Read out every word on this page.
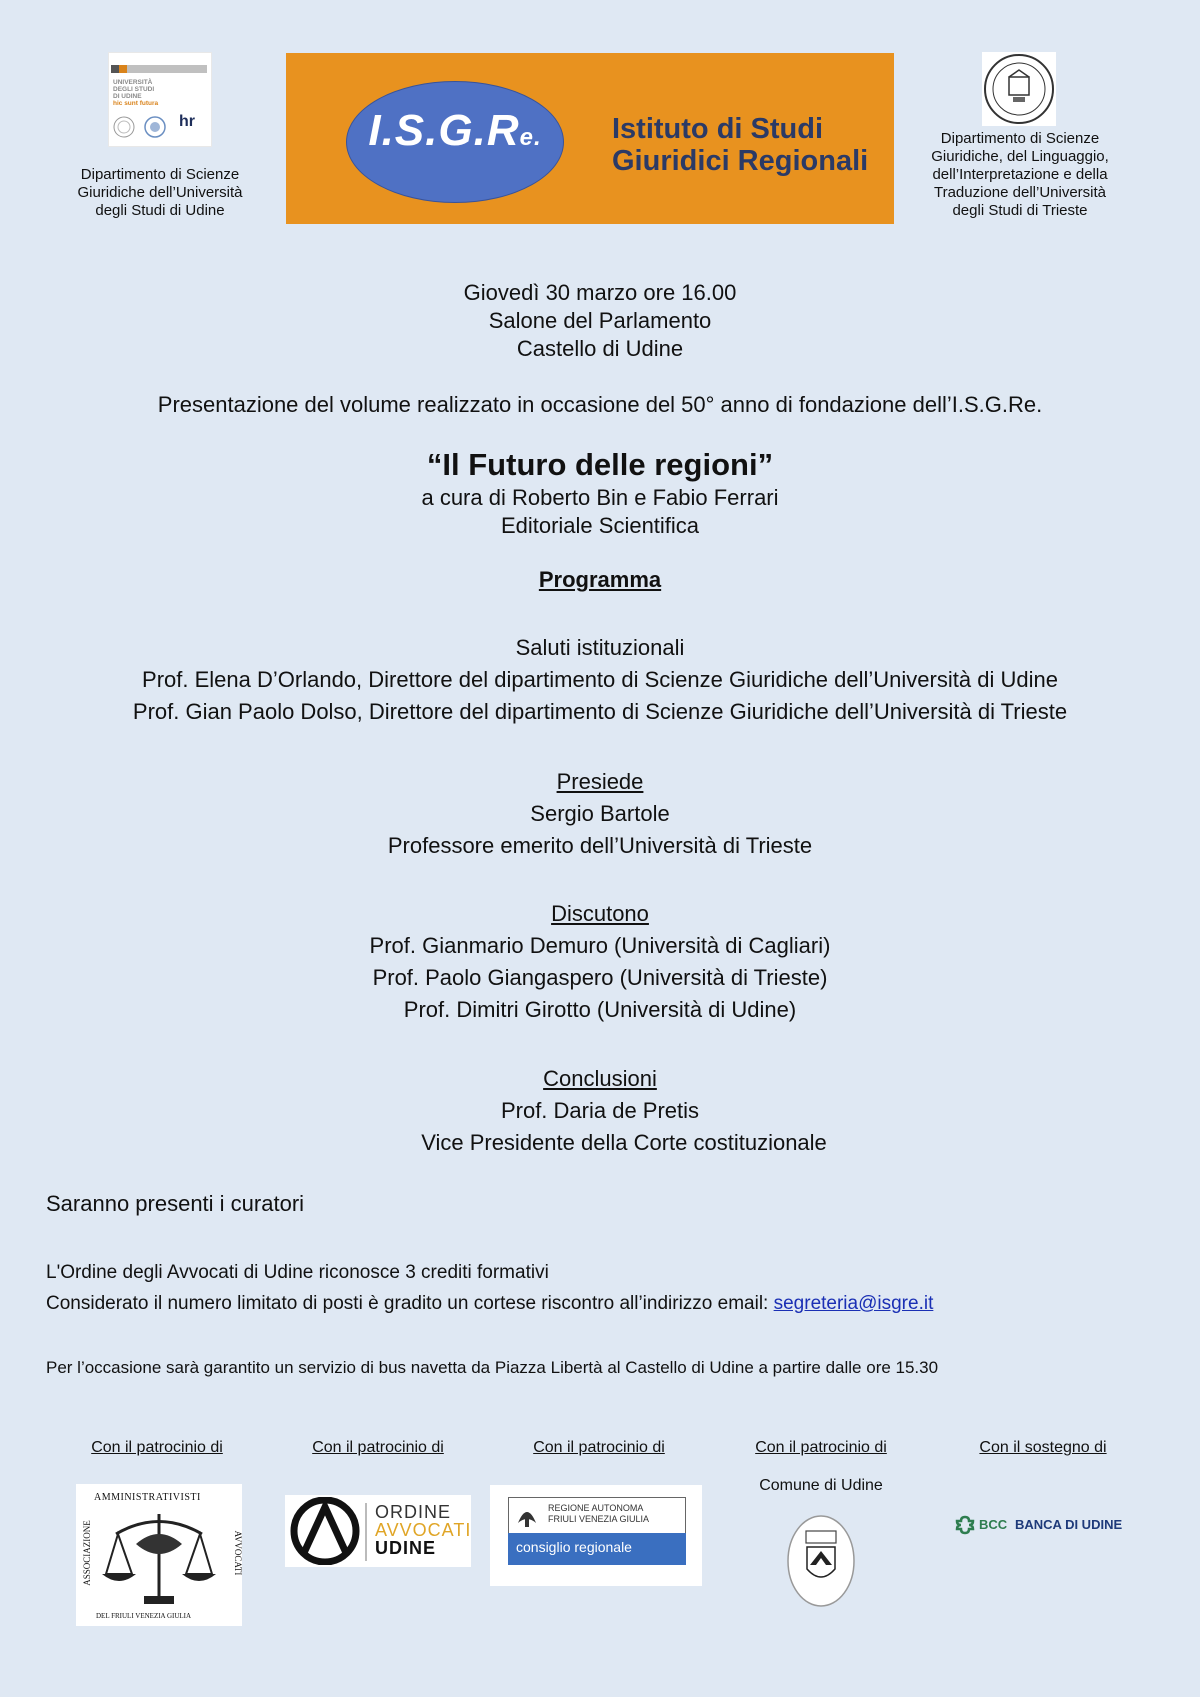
UNIVERSITÀ
DEGLI STUDI
DI UDINE
hic sunt futura
hr
Dipartimento di Scienze
Giuridiche dell’Università
degli Studi di Udine
I.S.G.Re.	Istituto di Studi
Giuridici Regionali
Dipartimento di Scienze
Giuridiche, del Linguaggio,
dell’Interpretazione e della
Traduzione dell’Università
degli Studi di Trieste
Giovedì 30 marzo ore 16.00
Salone del Parlamento
Castello di Udine
Presentazione del volume realizzato in occasione del 50° anno di fondazione dell’I.S.G.Re.
“Il Futuro delle regioni”
a cura di Roberto Bin e Fabio Ferrari
Editoriale Scientifica
Programma
Saluti istituzionali
Prof. Elena D’Orlando, Direttore del dipartimento di Scienze Giuridiche dell’Università di Udine
Prof. Gian Paolo Dolso, Direttore del dipartimento di Scienze Giuridiche dell’Università di Trieste
Presiede
Sergio Bartole
Professore emerito dell’Università di Trieste
Discutono
Prof. Gianmario Demuro (Università di Cagliari)
Prof. Paolo Giangaspero (Università di Trieste)
Prof. Dimitri Girotto (Università di Udine)
Conclusioni
Prof. Daria de Pretis
Vice Presidente della Corte costituzionale
Saranno presenti i curatori
L'Ordine degli Avvocati di Udine riconosce 3 crediti formativi
Considerato il numero limitato di posti è gradito un cortese riscontro all’indirizzo email: segreteria@isgre.it
Per l’occasione sarà garantito un servizio di bus navetta da Piazza Libertà al Castello di Udine a partire dalle ore 15.30
Con il patrocinio di	Con il patrocinio di	Con il patrocinio di	Con il patrocinio di	Con il sostegno di
Comune di Udine
AMMINISTRATIVISTI
ASSOCIAZIONE	AVVOCATI
DEL FRIULI VENEZIA GIULIA
ORDINE
AVVOCATI
UDINE
REGIONE AUTONOMA
FRIULI VENEZIA GIULIA
consiglio regionale
BCC BANCA DI UDINE
